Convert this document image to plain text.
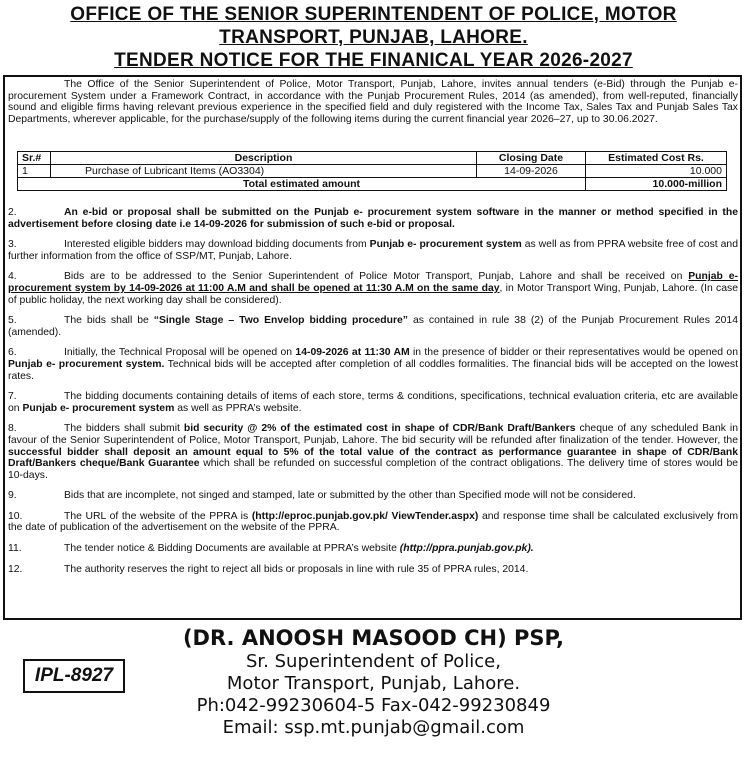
OFFICE OF THE SENIOR SUPERINTENDENT OF POLICE, MOTOR
TRANSPORT, PUNJAB, LAHORE.
TENDER NOTICE FOR THE FINANICAL YEAR 2026-2027
The Office of the Senior Superintendent of Police, Motor Transport, Punjab, Lahore, invites annual tenders (e-Bid) through the Punjab e-procurement System under a Framework Contract, in accordance with the Punjab Procurement Rules, 2014 (as amended), from well-reputed, financially sound and eligible firms having relevant previous experience in the specified field and duly registered with the Income Tax, Sales Tax and Punjab Sales Tax Departments, wherever applicable, for the purchase/supply of the following items during the current financial year 2026–27, up to 30.06.2027.
Sr.#	Description	Closing Date	Estimated Cost Rs.
1	Purchase of Lubricant Items (AO3304)	14-09-2026	10.000
Total estimated amount			10.000-million
2.	An e-bid or proposal shall be submitted on the Punjab e- procurement system software in the manner or method specified in the advertisement before closing date i.e 14-09-2026 for submission of such e-bid or proposal.
3.	Interested eligible bidders may download bidding documents from Punjab e- procurement system as well as from PPRA website free of cost and further information from the office of SSP/MT, Punjab, Lahore.
4.	Bids are to be addressed to the Senior Superintendent of Police Motor Transport, Punjab, Lahore and shall be received on Punjab e- procurement system by 14-09-2026 at 11:00 A.M and shall be opened at 11:30 A.M on the same day, in Motor Transport Wing, Punjab, Lahore. (In case of public holiday, the next working day shall be considered).
5.	The bids shall be “Single Stage – Two Envelop bidding procedure” as contained in rule 38 (2) of the Punjab Procurement Rules 2014 (amended).
6.	Initially, the Technical Proposal will be opened on 14-09-2026 at 11:30 AM in the presence of bidder or their representatives would be opened on Punjab e- procurement system. Technical bids will be accepted after completion of all coddles formalities. The financial bids will be accepted on the lowest rates.
7.	The bidding documents containing details of items of each store, terms & conditions, specifications, technical evaluation criteria, etc are available on Punjab e- procurement system as well as PPRA’s website.
8.	The bidders shall submit bid security @ 2% of the estimated cost in shape of CDR/Bank Draft/Bankers cheque of any scheduled Bank in favour of the Senior Superintendent of Police, Motor Transport, Punjab, Lahore. The bid security will be refunded after finalization of the tender. However, the successful bidder shall deposit an amount equal to 5% of the total value of the contract as performance guarantee in shape of CDR/Bank Draft/Bankers cheque/Bank Guarantee which shall be refunded on successful completion of the contract obligations. The delivery time of stores would be 10-days.
9.	Bids that are incomplete, not singed and stamped, late or submitted by the other than Specified mode will not be considered.
10.	The URL of the website of the PPRA is (http://eproc.punjab.gov.pk/ ViewTender.aspx) and response time shall be calculated exclusively from the date of publication of the advertisement on the website of the PPRA.
11.	The tender notice & Bidding Documents are available at PPRA’s website (http://ppra.punjab.gov.pk).
12.	The authority reserves the right to reject all bids or proposals in line with rule 35 of PPRA rules, 2014.
IPL-8927
(DR. ANOOSH MASOOD CH) PSP,
Sr. Superintendent of Police,
Motor Transport, Punjab, Lahore.
Ph:042-99230604-5 Fax-042-99230849
Email: ssp.mt.punjab@gmail.com
